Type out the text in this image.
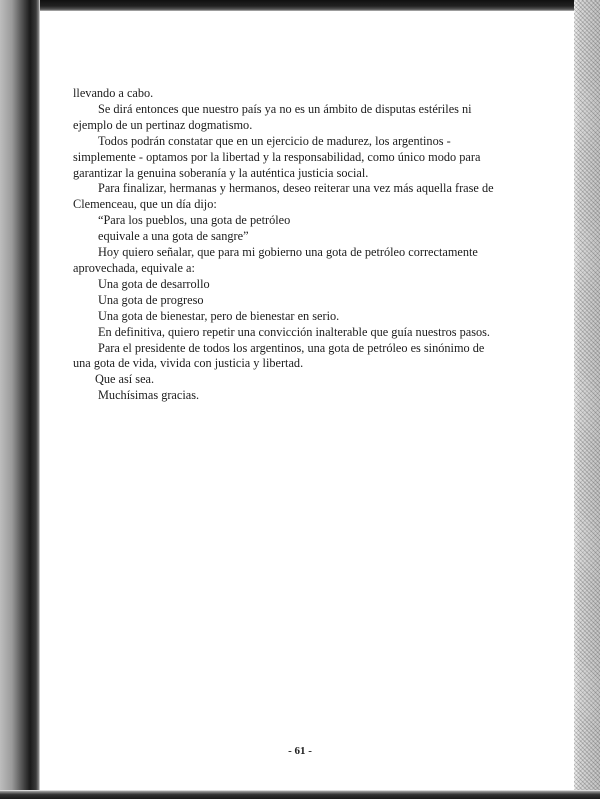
llevando a cabo.

Se dirá entonces que nuestro país ya no es un ámbito de disputas estériles ni

ejemplo de un pertinaz dogmatismo.

Todos podrán constatar que en un ejercicio de madurez, los argentinos -

simplemente - optamos por la libertad y la responsabilidad, como único modo para

garantizar la genuina soberanía y la auténtica justicia social.

Para finalizar, hermanas y hermanos, deseo reiterar una vez más aquella frase de

Clemenceau, que un día dijo:

“Para los pueblos, una gota de petróleo

equivale a una gota de sangre”

Hoy quiero señalar, que para mi gobierno una gota de petróleo correctamente

aprovechada, equivale a:

Una gota de desarrollo

Una gota de progreso

Una gota de bienestar, pero de bienestar en serio.

En definitiva, quiero repetir una convicción inalterable que guía nuestros pasos.

Para el presidente de todos los argentinos, una gota de petróleo es sinónimo de

una gota de vida, vivida con justicia y libertad.

Que así sea.

Muchísimas gracias.

- 61 -
